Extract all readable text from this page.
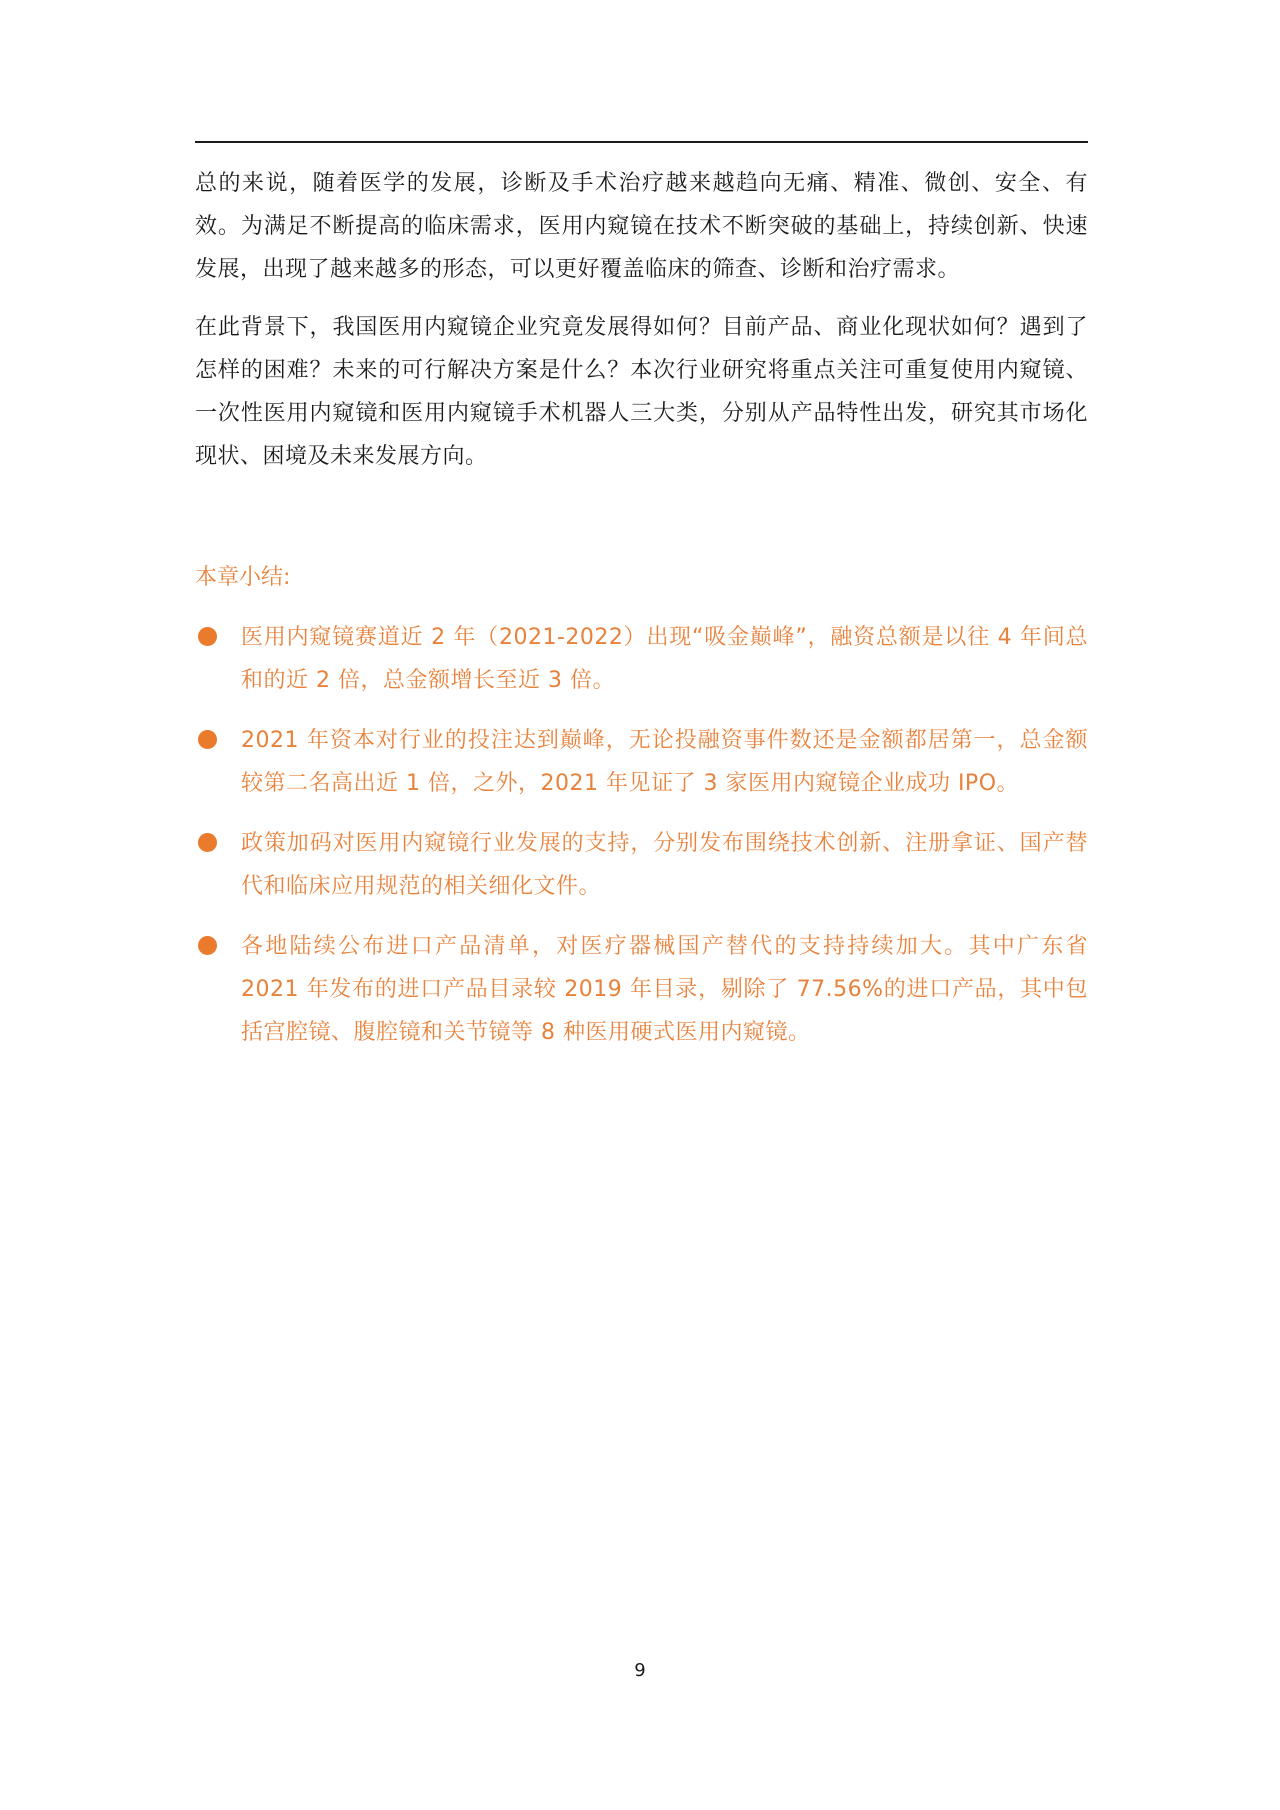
总的来说，随着医学的发展，诊断及手术治疗越来越趋向无痛、精准、微创、安全、有效。为满足不断提高的临床需求，医用内窥镜在技术不断突破的基础上，持续创新、快速发展，出现了越来越多的形态，可以更好覆盖临床的筛查、诊断和治疗需求。

在此背景下，我国医用内窥镜企业究竟发展得如何？目前产品、商业化现状如何？遇到了怎样的困难？未来的可行解决方案是什么？本次行业研究将重点关注可重复使用内窥镜、一次性医用内窥镜和医用内窥镜手术机器人三大类，分别从产品特性出发，研究其市场化现状、困境及未来发展方向。

本章小结:

医用内窥镜赛道近 2 年（2021-2022）出现“吸金巅峰”，融资总额是以往 4 年间总和的近 2 倍，总金额增长至近 3 倍。
2021 年资本对行业的投注达到巅峰，无论投融资事件数还是金额都居第一，总金额较第二名高出近 1 倍，之外，2021 年见证了 3 家医用内窥镜企业成功 IPO。
政策加码对医用内窥镜行业发展的支持，分别发布围绕技术创新、注册拿证、国产替代和临床应用规范的相关细化文件。
各地陆续公布进口产品清单，对医疗器械国产替代的支持持续加大。其中广东省 2021 年发布的进口产品目录较 2019 年目录，剔除了 77.56%的进口产品，其中包括宫腔镜、腹腔镜和关节镜等 8 种医用硬式医用内窥镜。
9
